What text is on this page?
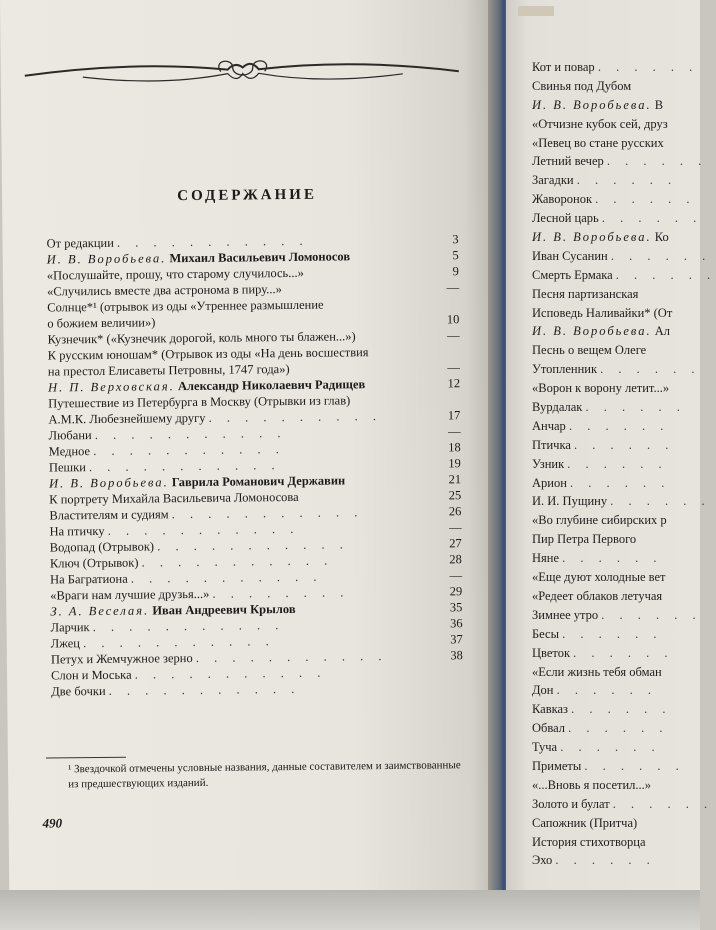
СОДЕРЖАНИЕ
От редакции . . . . . . . . . . .	3
И. В. Воробьева. Михаил Васильевич Ломоносов	5
«Послушайте, прошу, что старому случилось...»	9
«Случились вместе два астронома в пиру...»	—
Солнце*¹ (отрывок из оды «Утреннее размышление
о божием величии»)	10
Кузнечик* («Кузнечик дорогой, коль много ты блажен...»)	—
К русским юношам* (Отрывок из оды «На день восшествия
на престол Елисаветы Петровны, 1747 года»)	—
Н. П. Верховская. Александр Николаевич Радищев	12
Путешествие из Петербурга в Москву (Отрывки из глав)
А.М.К. Любезнейшему другу . . . . . . . . . .	17
Любани . . . . . . . . . . .	—
Медное . . . . . . . . . . .	18
Пешки . . . . . . . . . . .	19
И. В. Воробьева. Гаврила Романович Державин	21
К портрету Михайла Васильевича Ломоносова	25
Властителям и судиям . . . . . . . . . . .	26
На птичку . . . . . . . . . . .	—
Водопад (Отрывок) . . . . . . . . . . .	27
Ключ (Отрывок) . . . . . . . . . . .	28
На Багратиона . . . . . . . . . . .	—
«Враги нам лучшие друзья...» . . . . . . . .	29
З. А. Веселая. Иван Андреевич Крылов	35
Ларчик . . . . . . . . . . .	36
Лжец . . . . . . . . . . .	37
Петух и Жемчужное зерно . . . . . . . . . . .	38
Слон и Моська . . . . . . . . . . .
Две бочки . . . . . . . . . . .
¹ Звездочкой отмечены условные названия, данные составителем и заимствованные из предшествующих изданий.
490
Кот и повар . . . . . .
Свинья под Дубом
И. В. Воробьева. В
«Отчизне кубок сей, друз
«Певец во стане русских
Летний вечер . . . . . .
Загадки . . . . . .
Жаворонок . . . . . .
Лесной царь . . . . . .
И. В. Воробьева. Ко
Иван Сусанин . . . . . .
Смерть Ермака . . . . . .
Песня партизанская
Исповедь Наливайки* (От
И. В. Воробьева. Ал
Песнь о вещем Олеге
Утопленник . . . . . .
«Ворон к ворону летит...»
Вурдалак . . . . . .
Анчар . . . . . .
Птичка . . . . . .
Узник . . . . . .
Арион . . . . . .
И. И. Пущину . . . . . .
«Во глубине сибирских р
Пир Петра Первого
Няне . . . . . .
«Еще дуют холодные вет
«Редеет облаков летучая
Зимнее утро . . . . . .
Бесы . . . . . .
Цветок . . . . . .
«Если жизнь тебя обман
Дон . . . . . .
Кавказ . . . . . .
Обвал . . . . . .
Туча . . . . . .
Приметы . . . . . .
«...Вновь я посетил...»
Золото и булат . . . . . .
Сапожник (Притча)
История стихотворца
Эхо . . . . . .
